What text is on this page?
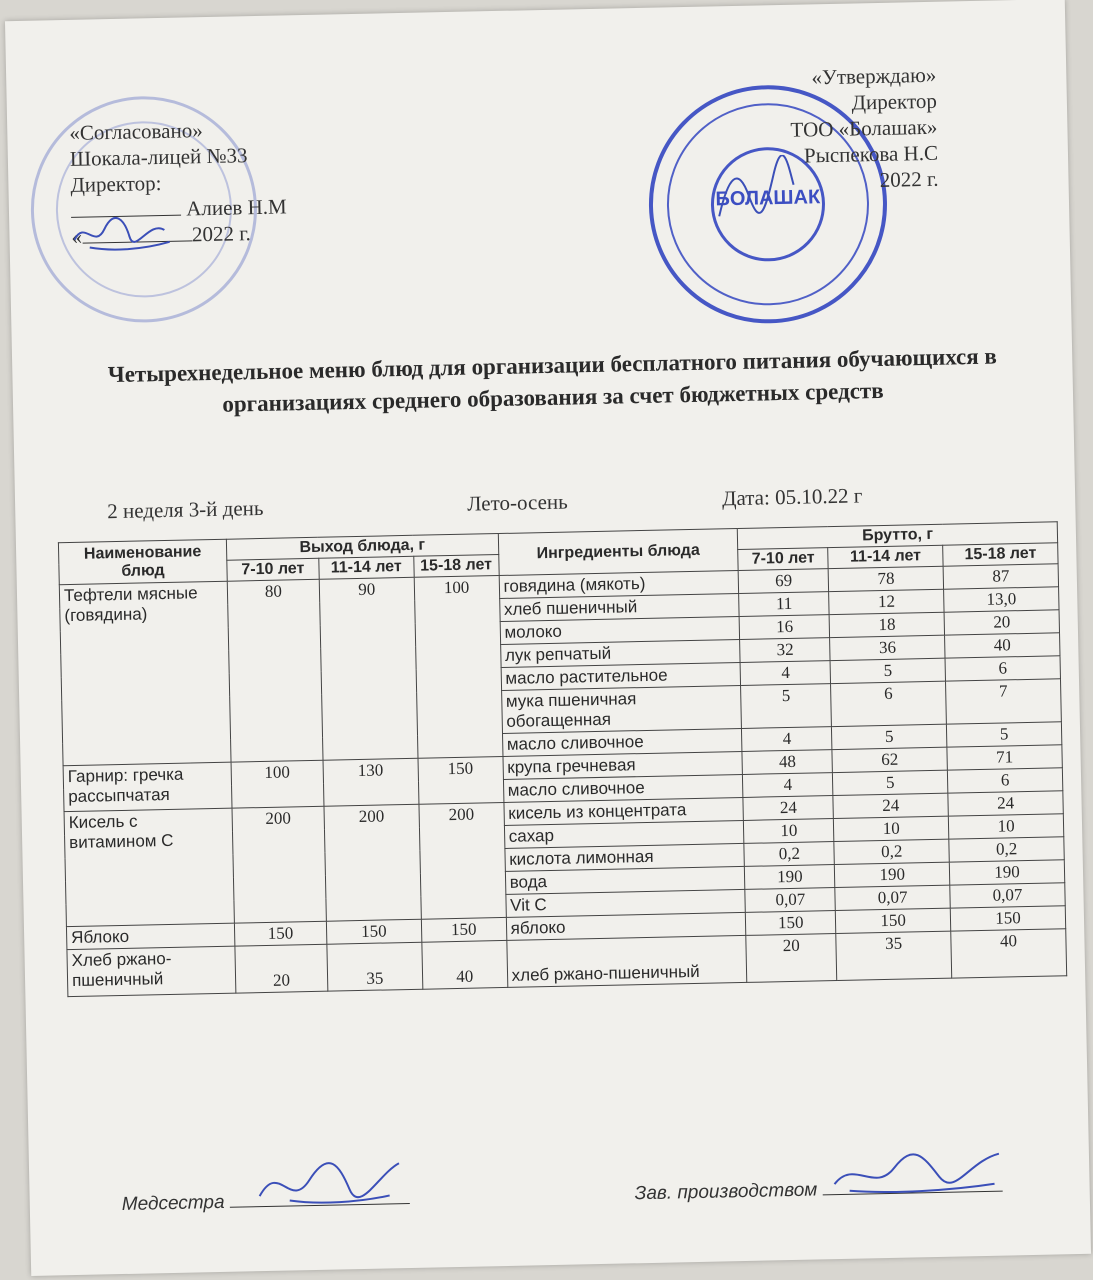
«Согласовано»
Шокала-лицей №33
Директор:
Алиев Н.М
«	2022 г.
БОЛАШАК
«Утверждаю»
Директор
ТОО «Болашак»
Рыспекова Н.С
2022 г.
Четырехнедельное меню блюд для организации бесплатного питания обучающихся в организациях среднего образования за счет бюджетных средств
2 неделя 3-й день	Лето-осень	Дата: 05.10.22 г
Наименование блюд	Выход блюда, г			Ингредиенты блюда	Брутто, г		
	7-10 лет	11-14 лет	15-18 лет		7-10 лет	11-14 лет	15-18 лет
Тефтели мясные (говядина)	80	90	100	говядина (мякоть)	69	78	87
				хлеб пшеничный	11	12	13,0
				молоко	16	18	20
				лук репчатый	32	36	40
				масло растительное	4	5	6
				мука пшеничная обогащенная	5	6	7
				масло сливочное	4	5	5
Гарнир: гречка рассыпчатая	100	130	150	крупа гречневая	48	62	71
				масло сливочное	4	5	6
Кисель с витамином С	200	200	200	кисель из концентрата	24	24	24
				сахар	10	10	10
				кислота лимонная	0,2	0,2	0,2
				вода	190	190	190
				Vit C	0,07	0,07	0,07
Яблоко	150	150	150	яблоко	150	150	150
Хлеб ржано-пшеничный	20	35	40	хлеб ржано-пшеничный	20	35	40
Медсестра	Зав. производством
